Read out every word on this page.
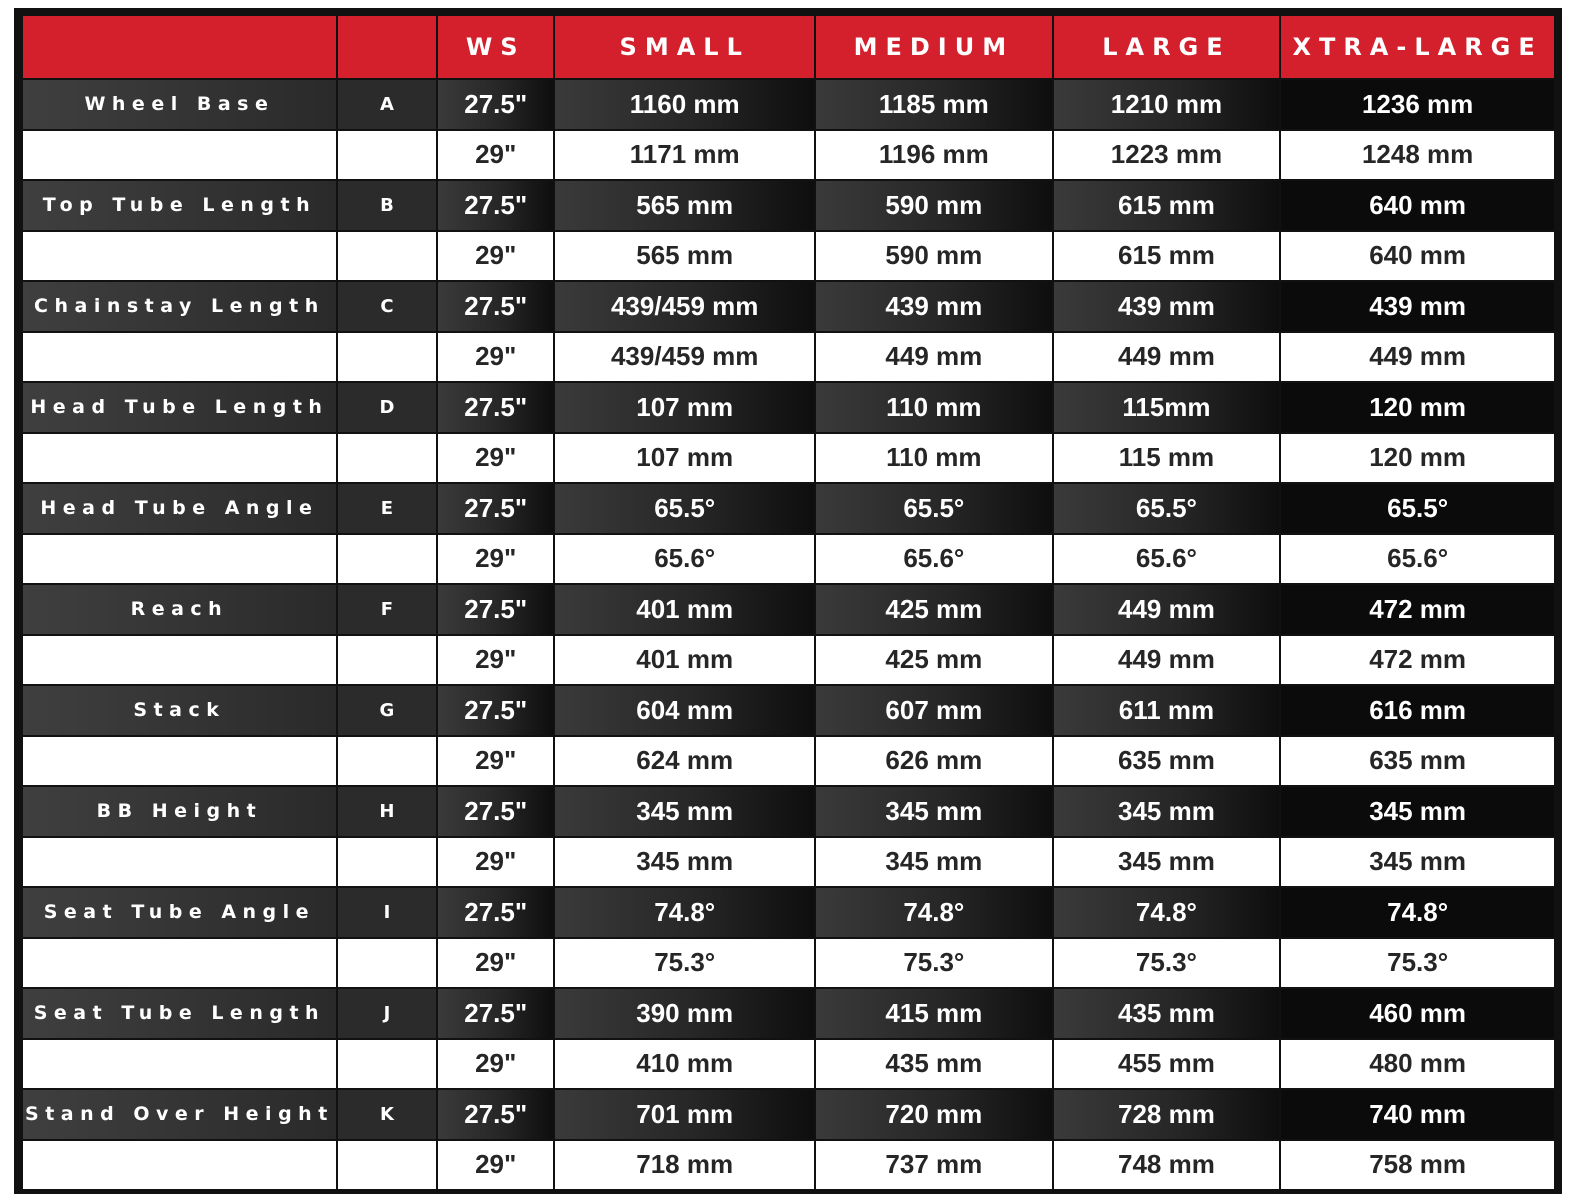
		WS	SMALL	MEDIUM	LARGE	XTRA-LARGE
Wheel Base	A	27.5"	1160 mm	1185 mm	1210 mm	1236 mm
		29"	1171 mm	1196 mm	1223 mm	1248 mm
Top Tube Length	B	27.5"	565 mm	590 mm	615 mm	640 mm
		29"	565 mm	590 mm	615 mm	640 mm
Chainstay Length	C	27.5"	439/459 mm	439 mm	439 mm	439 mm
		29"	439/459 mm	449 mm	449 mm	449 mm
Head Tube Length	D	27.5"	107 mm	110 mm	115mm	120 mm
		29"	107 mm	110 mm	115 mm	120 mm
Head Tube Angle	E	27.5"	65.5°	65.5°	65.5°	65.5°
		29"	65.6°	65.6°	65.6°	65.6°
Reach	F	27.5"	401 mm	425 mm	449 mm	472 mm
		29"	401 mm	425 mm	449 mm	472 mm
Stack	G	27.5"	604 mm	607 mm	611 mm	616 mm
		29"	624 mm	626 mm	635 mm	635 mm
BB Height	H	27.5"	345 mm	345 mm	345 mm	345 mm
		29"	345 mm	345 mm	345 mm	345 mm
Seat Tube Angle	I	27.5"	74.8°	74.8°	74.8°	74.8°
		29"	75.3°	75.3°	75.3°	75.3°
Seat Tube Length	J	27.5"	390 mm	415 mm	435 mm	460 mm
		29"	410 mm	435 mm	455 mm	480 mm
Stand Over Height	K	27.5"	701 mm	720 mm	728 mm	740 mm
		29"	718 mm	737 mm	748 mm	758 mm
